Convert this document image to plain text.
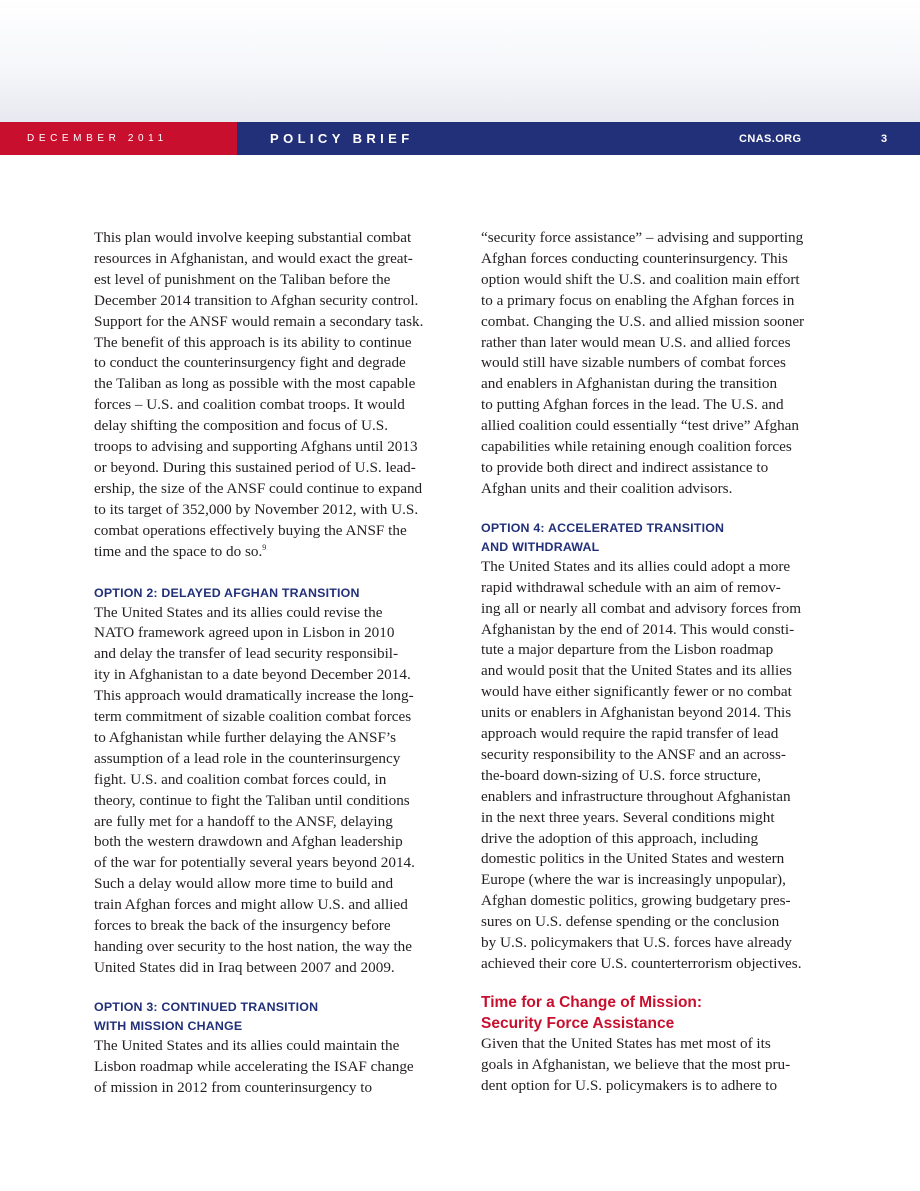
DECEMBER 2011	POLICY BRIEF	CNAS.ORG	3

This plan would involve keeping substantial combat
resources in Afghanistan, and would exact the great-
est level of punishment on the Taliban before the
December 2014 transition to Afghan security control.
Support for the ANSF would remain a secondary task.
The benefit of this approach is its ability to continue
to conduct the counterinsurgency fight and degrade
the Taliban as long as possible with the most capable
forces – U.S. and coalition combat troops. It would
delay shifting the composition and focus of U.S.
troops to advising and supporting Afghans until 2013
or beyond. During this sustained period of U.S. lead-
ership, the size of the ANSF could continue to expand
to its target of 352,000 by November 2012, with U.S.
combat operations effectively buying the ANSF the
time and the space to do so.$^9$

OPTION 2: DELAYED AFGHAN TRANSITION

The United States and its allies could revise the
NATO framework agreed upon in Lisbon in 2010
and delay the transfer of lead security responsibil-
ity in Afghanistan to a date beyond December 2014.
This approach would dramatically increase the long-
term commitment of sizable coalition combat forces
to Afghanistan while further delaying the ANSF’s
assumption of a lead role in the counterinsurgency
fight. U.S. and coalition combat forces could, in
theory, continue to fight the Taliban until conditions
are fully met for a handoff to the ANSF, delaying
both the western drawdown and Afghan leadership
of the war for potentially several years beyond 2014.
Such a delay would allow more time to build and
train Afghan forces and might allow U.S. and allied
forces to break the back of the insurgency before
handing over security to the host nation, the way the
United States did in Iraq between 2007 and 2009.

OPTION 3: CONTINUED TRANSITION
WITH MISSION CHANGE

The United States and its allies could maintain the
Lisbon roadmap while accelerating the ISAF change
of mission in 2012 from counterinsurgency to

“security force assistance” – advising and supporting
Afghan forces conducting counterinsurgency. This
option would shift the U.S. and coalition main effort
to a primary focus on enabling the Afghan forces in
combat. Changing the U.S. and allied mission sooner
rather than later would mean U.S. and allied forces
would still have sizable numbers of combat forces
and enablers in Afghanistan during the transition
to putting Afghan forces in the lead. The U.S. and
allied coalition could essentially “test drive” Afghan
capabilities while retaining enough coalition forces
to provide both direct and indirect assistance to
Afghan units and their coalition advisors.

OPTION 4: ACCELERATED TRANSITION
AND WITHDRAWAL

The United States and its allies could adopt a more
rapid withdrawal schedule with an aim of remov-
ing all or nearly all combat and advisory forces from
Afghanistan by the end of 2014. This would consti-
tute a major departure from the Lisbon roadmap
and would posit that the United States and its allies
would have either significantly fewer or no combat
units or enablers in Afghanistan beyond 2014. This
approach would require the rapid transfer of lead
security responsibility to the ANSF and an across-
the-board down-sizing of U.S. force structure,
enablers and infrastructure throughout Afghanistan
in the next three years. Several conditions might
drive the adoption of this approach, including
domestic politics in the United States and western
Europe (where the war is increasingly unpopular),
Afghan domestic politics, growing budgetary pres-
sures on U.S. defense spending or the conclusion
by U.S. policymakers that U.S. forces have already
achieved their core U.S. counterterrorism objectives.

Time for a Change of Mission:
Security Force Assistance

Given that the United States has met most of its
goals in Afghanistan, we believe that the most pru-
dent option for U.S. policymakers is to adhere to
